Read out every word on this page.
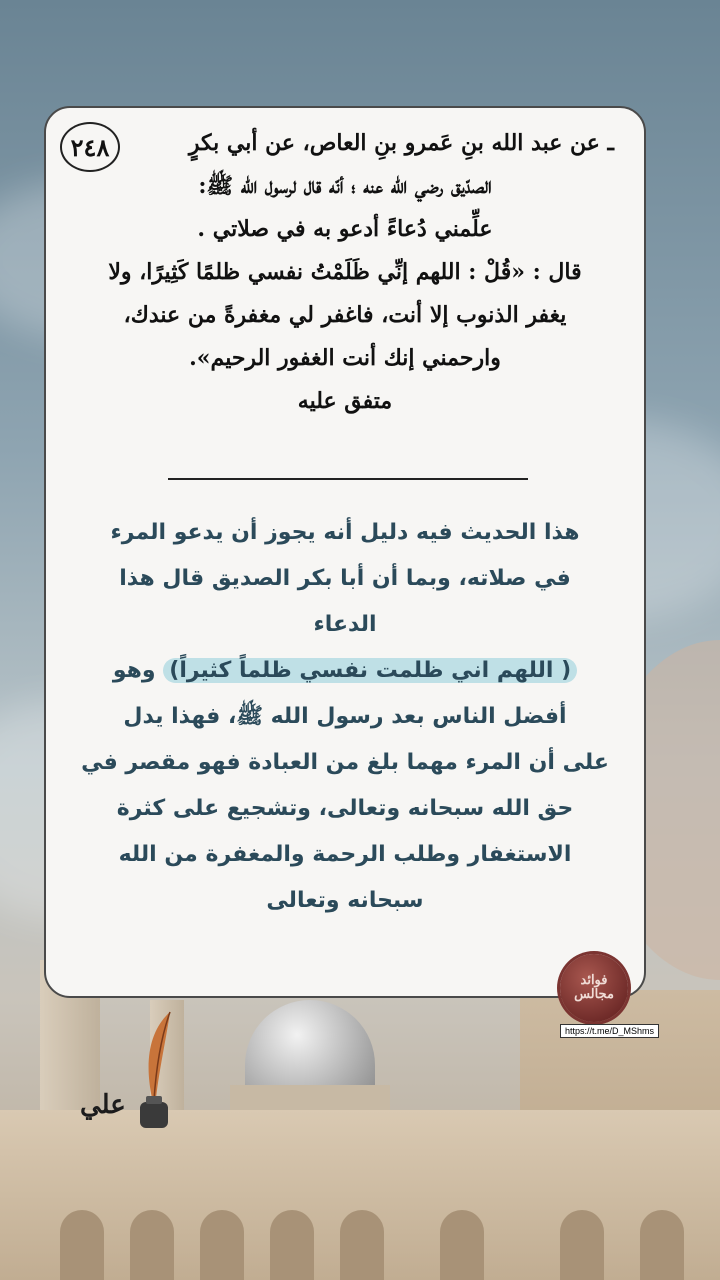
٢٤٨	ـ عن عبد الله بنِ عَمرو بنِ العاص، عن أبي بكرٍ
الصدّيق رضي الله عنه ؛ أنّه قال لرسول الله ﷺ:
علِّمني دُعاءً أدعو به في صلاتي .
قال : «قُلْ : اللهم إنِّي ظَلَمْتُ نفسي ظلمًا كَثِيرًا، ولا
يغفر الذنوب إلا أنت، فاغفر لي مغفرةً من عندك،
وارحمني إنك أنت الغفور الرحيم».
متفق عليه
هذا الحديث فيه دليل أنه يجوز أن يدعو المرء
في صلاته، وبما أن أبا بكر الصديق قال هذا
الدعاء
( اللهم اني ظلمت نفسي ظلماً كثيراً) وهو
أفضل الناس بعد رسول الله ﷺ، فهذا يدل
على أن المرء مهما بلغ من العبادة فهو مقصر في
حق الله سبحانه وتعالى، وتشجيع على كثرة
الاستغفار وطلب الرحمة والمغفرة من الله
سبحانه وتعالى
فوائد مجالس
https://t.me/D_MShms
علي
